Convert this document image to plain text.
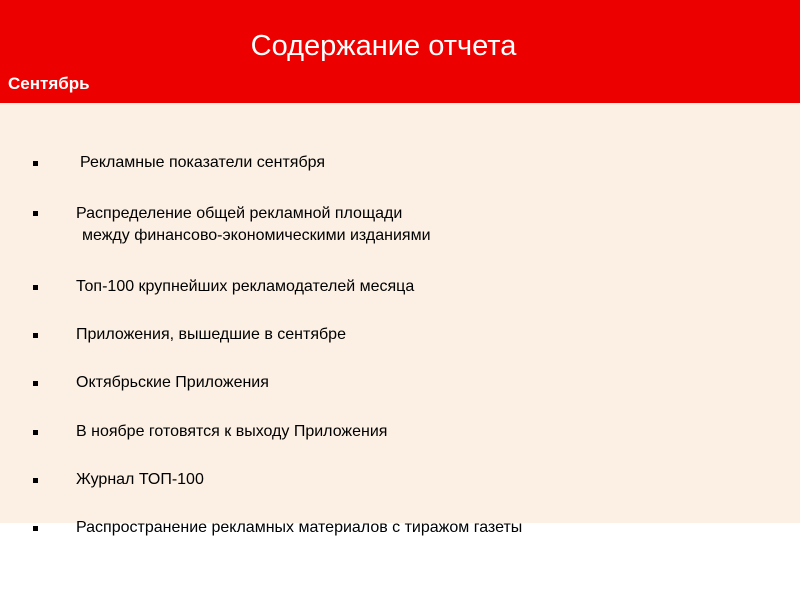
Содержание отчета
Сентябрь
Рекламные показатели сентября
Распределение общей рекламной площади
между финансово-экономическими изданиями
Топ-100 крупнейших рекламодателей месяца
Приложения, вышедшие в сентябре
Октябрьские Приложения
В ноябре готовятся к выходу Приложения
Журнал ТОП-100
Распространение рекламных материалов с тиражом газеты
